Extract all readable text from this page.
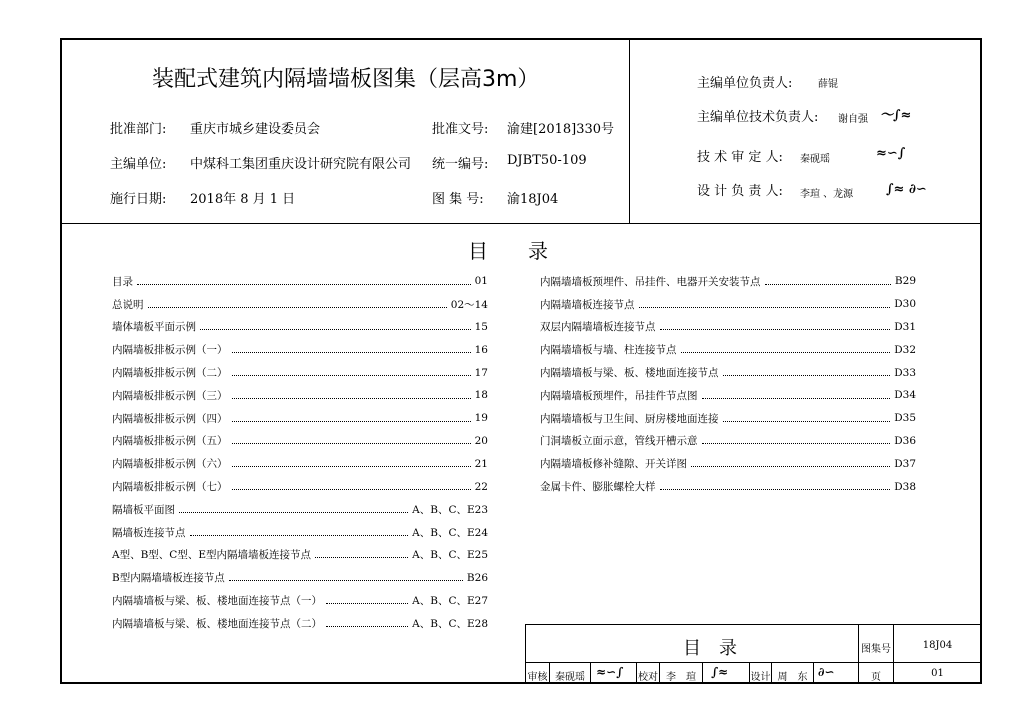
装配式建筑内隔墙墙板图集（层高3m）
批准部门: 重庆市城乡建设委员会	批准文号: 渝建[2018]330号
主编单位: 中煤科工集团重庆设计研究院有限公司 统一编号: DJBT50-109
施行日期: 2018年 8 月 1 日	图 集 号: 渝18J04
主编单位负责人:	薛锟
主编单位技术负责人: 谢自强 〜∫≈
技 术 审 定 人: 秦砚瑶	≈∽∫
设 计 负 责 人: 李瑄 、龙源	∫≈ ∂∽
目　　录
目录	01
总说明	02～14
墙体墙板平面示例	15
内隔墙板排板示例（一）	16
内隔墙板排板示例（二）	17
内隔墙板排板示例（三）	18
内隔墙板排板示例（四）	19
内隔墙板排板示例（五）	20
内隔墙板排板示例（六）	21
内隔墙板排板示例（七）	22
隔墙板平面图	A、B、C、E23
隔墙板连接节点	A、B、C、E24
A型、B型、C型、E型内隔墙墙板连接节点	A、B、C、E25
B型内隔墙墙板连接节点	B26
内隔墙墙板与梁、板、楼地面连接节点（一）	A、B、C、E27
内隔墙墙板与梁、板、楼地面连接节点（二）	A、B、C、E28
内隔墙墙板预埋件、吊挂件、电器开关安装节点	B29
内隔墙墙板连接节点	D30
双层内隔墙墙板连接节点	D31
内隔墙墙板与墙、柱连接节点	D32
内隔墙墙板与梁、板、楼地面连接节点	D33
内隔墙墙板预埋件，吊挂件节点图	D34
内隔墙墙板与卫生间、厨房楼地面连接	D35
门洞墙板立面示意，管线开槽示意	D36
内隔墙墙板修补缝隙、开关详图	D37
金属卡件、膨胀螺栓大样	D38
目　录	图集号	18J04
审核 秦砚瑶 ≈∽∫ 校对 李　瑄	∫≈ 设计 周　东 ∂∽	页	01
